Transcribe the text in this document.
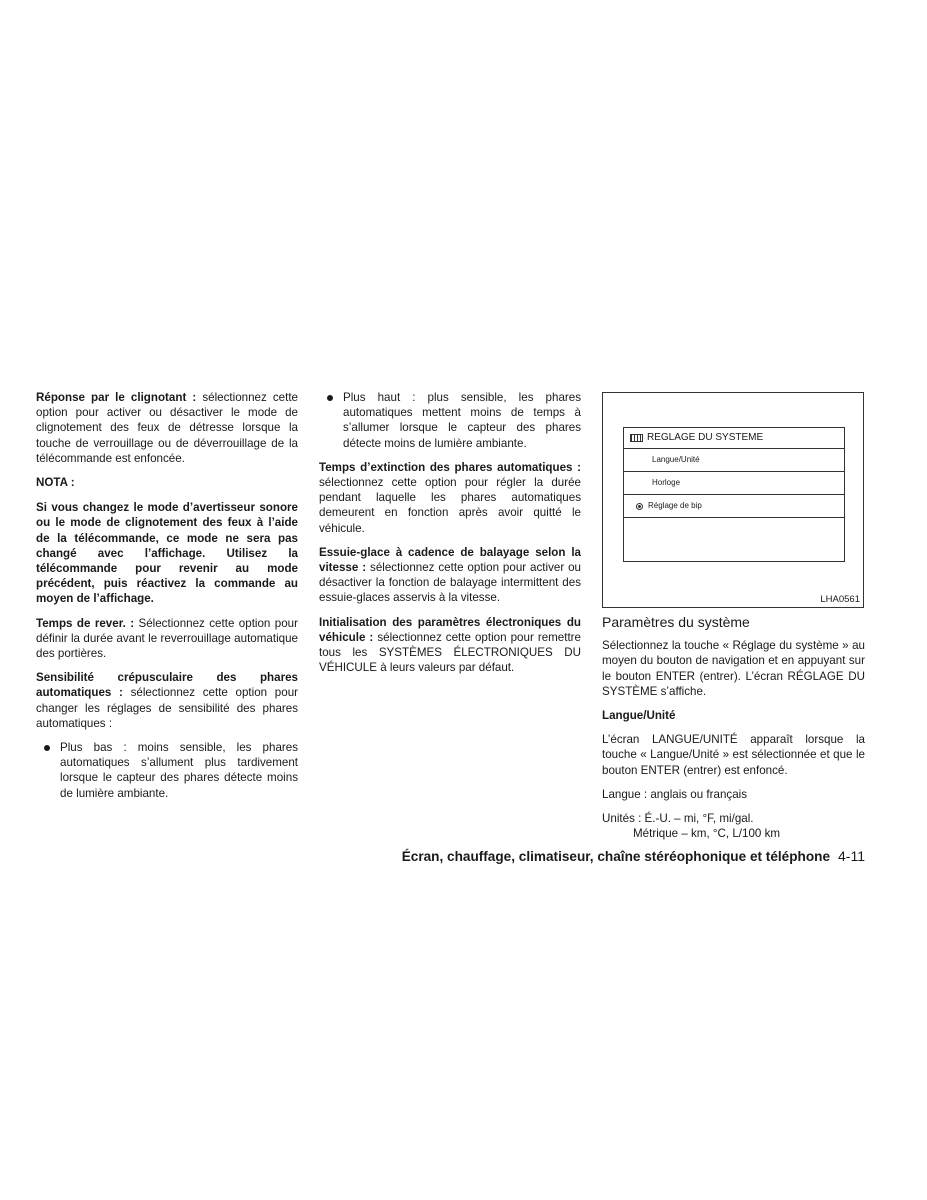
Réponse par le clignotant : sélectionnez cette option pour activer ou désactiver le mode de clignotement des feux de détresse lorsque la touche de verrouillage ou de déverrouillage de la télécommande est enfoncée.

NOTA :

Si vous changez le mode d’avertisseur sonore ou le mode de clignotement des feux à l’aide de la télécommande, ce mode ne sera pas changé avec l’affichage. Utilisez la télécommande pour revenir au mode précédent, puis réactivez la commande au moyen de l’affichage.

Temps de rever. : Sélectionnez cette option pour définir la durée avant le reverrouillage automatique des portières.

Sensibilité crépusculaire des phares automatiques : sélectionnez cette option pour changer les réglages de sensibilité des phares automatiques :

Plus bas : moins sensible, les phares automatiques s’allument plus tardivement lorsque le capteur des phares détecte moins de lumière ambiante.
Plus haut : plus sensible, les phares automatiques mettent moins de temps à s’allumer lorsque le capteur des phares détecte moins de lumière ambiante.

Temps d’extinction des phares automatiques : sélectionnez cette option pour régler la durée pendant laquelle les phares automatiques demeurent en fonction après avoir quitté le véhicule.

Essuie-glace à cadence de balayage selon la vitesse : sélectionnez cette option pour activer ou désactiver la fonction de balayage intermittent des essuie-glaces asservis à la vitesse.

Initialisation des paramètres électroniques du véhicule : sélectionnez cette option pour remettre tous les SYSTÈMES ÉLECTRONIQUES DU VÉHICULE à leurs valeurs par défaut.

REGLAGE DU SYSTEME
Langue/Unité
Horloge
Réglage de bip
LHA0561

Paramètres du système

Sélectionnez la touche « Réglage du système » au moyen du bouton de navigation et en appuyant sur le bouton ENTER (entrer). L’écran RÉGLAGE DU SYSTÈME s’affiche.

Langue/Unité

L’écran LANGUE/UNITÉ apparaît lorsque la touche « Langue/Unité » est sélectionnée et que le bouton ENTER (entrer) est enfoncé.

Langue : anglais ou français

Unités : É.-U. – mi, °F, mi/gal.

Métrique – km, °C, L/100 km

Écran, chauffage, climatiseur, chaîne stéréophonique et téléphone 4-11
